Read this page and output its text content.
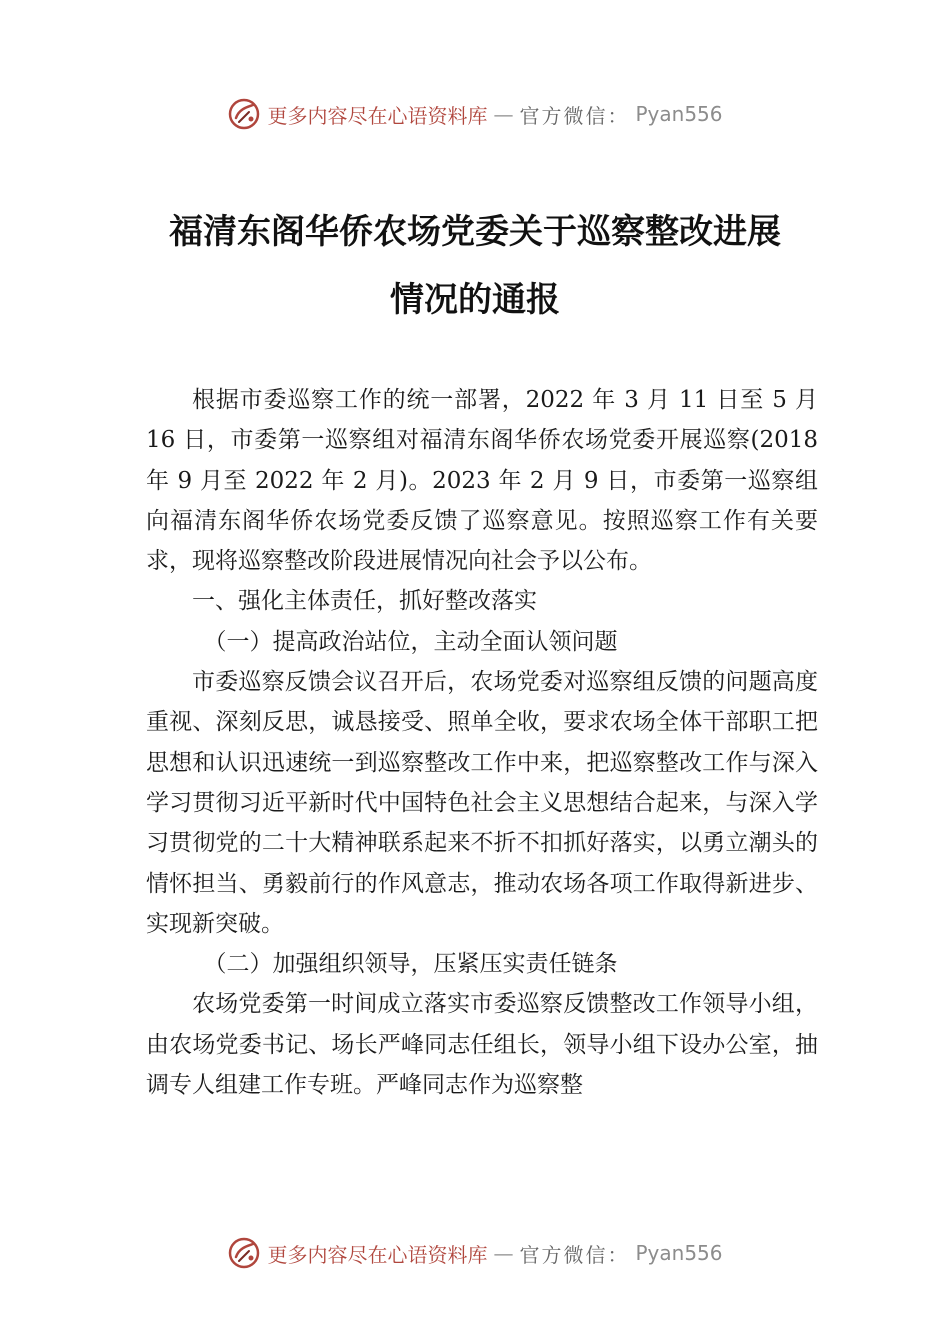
更多内容尽在心语资料库 — 官方微信： Pyan556
福清东阁华侨农场党委关于巡察整改进展
情况的通报

根据市委巡察工作的统一部署，2022 年 3 月 11 日至 5 月 16 日，市委第一巡察组对福清东阁华侨农场党委开展巡察(2018 年 9 月至 2022 年 2 月)。2023 年 2 月 9 日，市委第一巡察组向福清东阁华侨农场党委反馈了巡察意见。按照巡察工作有关要求，现将巡察整改阶段进展情况向社会予以公布。

一、强化主体责任，抓好整改落实

（一）提高政治站位，主动全面认领问题

市委巡察反馈会议召开后，农场党委对巡察组反馈的问题高度重视、深刻反思，诚恳接受、照单全收，要求农场全体干部职工把思想和认识迅速统一到巡察整改工作中来，把巡察整改工作与深入学习贯彻习近平新时代中国特色社会主义思想结合起来，与深入学习贯彻党的二十大精神联系起来不折不扣抓好落实，以勇立潮头的情怀担当、勇毅前行的作风意志，推动农场各项工作取得新进步、实现新突破。

（二）加强组织领导，压紧压实责任链条

农场党委第一时间成立落实市委巡察反馈整改工作领导小组，由农场党委书记、场长严峰同志任组长，领导小组下设办公室，抽调专人组建工作专班。严峰同志作为巡察整

更多内容尽在心语资料库 — 官方微信： Pyan556
